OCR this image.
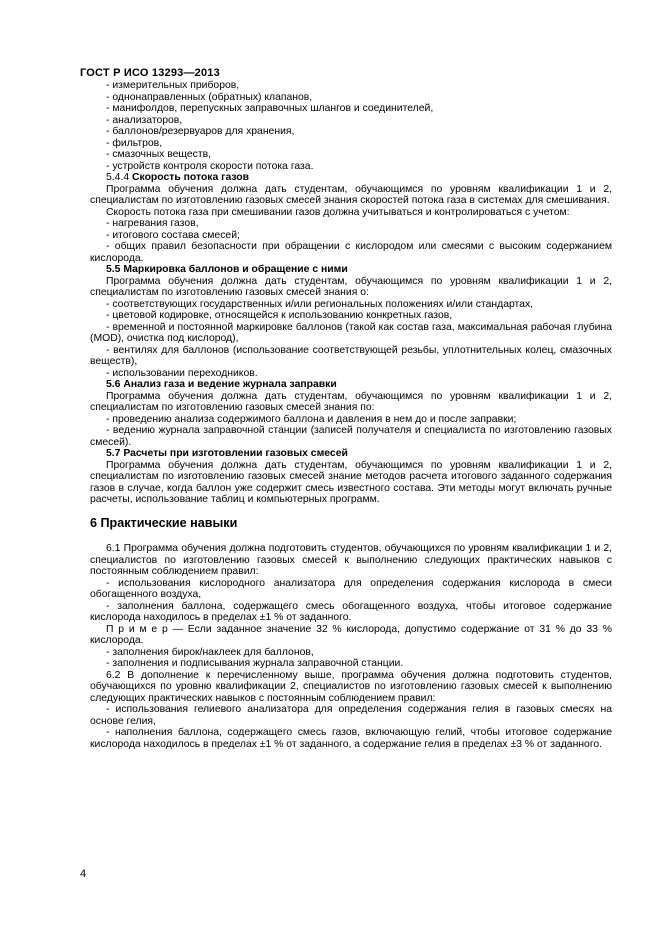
ГОСТ Р ИСО 13293—2013

- измерительных приборов,

- однонаправленных (обратных) клапанов,

- манифолдов, перепускных заправочных шлангов и соединителей,

- анализаторов,

- баллонов/резервуаров для хранения,

- фильтров,

- смазочных веществ,

- устройств контроля скорости потока газа.

5.4.4 Скорость потока газов

Программа обучения должна дать студентам, обучающимся по уровням квалификации 1 и 2, специалистам по изготовлению газовых смесей знания скоростей потока газа в системах для смешивания.

Скорость потока газа при смешивании газов должна учитываться и контролироваться с учетом:

- нагревания газов,

- итогового состава смесей;

- общих правил безопасности при обращении с кислородом или смесями с высоким содержанием кислорода.

5.5 Маркировка баллонов и обращение с ними

Программа обучения должна дать студентам, обучающимся по уровням квалификации 1 и 2, специалистам по изготовлению газовых смесей знания о:

- соответствующих государственных и/или региональных положениях и/или стандартах,

- цветовой кодировке, относящейся к использованию конкретных газов,

- временной и постоянной маркировке баллонов (такой как состав газа, максимальная рабочая глубина (MOD), очистка под кислород),

- вентилях для баллонов (использование соответствующей резьбы, уплотнительных колец, смазочных веществ),

- использовании переходников.

5.6 Анализ газа и ведение журнала заправки

Программа обучения должна дать студентам, обучающимся по уровням квалификации 1 и 2, специалистам по изготовлению газовых смесей знания по:

- проведению анализа содержимого баллона и давления в нем до и после заправки;

- ведению журнала заправочной станции (записей получателя и специалиста по изготовлению газовых смесей).

5.7 Расчеты при изготовлении газовых смесей

Программа обучения должна дать студентам, обучающимся по уровням квалификации 1 и 2, специалистам по изготовлению газовых смесей знание методов расчета итогового заданного содержания газов в случае, когда баллон уже содержит смесь известного состава. Эти методы могут включать ручные расчеты, использование таблиц и компьютерных программ.

6 Практические навыки

6.1 Программа обучения должна подготовить студентов, обучающихся по уровням квалификации 1 и 2, специалистов по изготовлению газовых смесей к выполнению следующих практических навыков с постоянным соблюдением правил:

- использования кислородного анализатора для определения содержания кислорода в смеси обогащенного воздуха,

- заполнения баллона, содержащего смесь обогащенного воздуха, чтобы итоговое содержание кислорода находилось в пределах ±1 % от заданного.

П р и м е р — Если заданное значение 32 % кислорода, допустимо содержание от 31 % до 33 % кислорода.

- заполнения бирок/наклеек для баллонов,

- заполнения и подписывания журнала заправочной станции.

6.2 В дополнение к перечисленному выше, программа обучения должна подготовить студентов, обучающихся по уровню квалификации 2, специалистов по изготовлению газовых смесей к выполнению следующих практических навыков с постоянным соблюдением правил:

- использования гелиевого анализатора для определения содержания гелия в газовых смесях на основе гелия,

- наполнения баллона, содержащего смесь газов, включающую гелий, чтобы итоговое содержание кислорода находилось в пределах ±1 % от заданного, а содержание гелия в пределах ±3 % от заданного.

4
